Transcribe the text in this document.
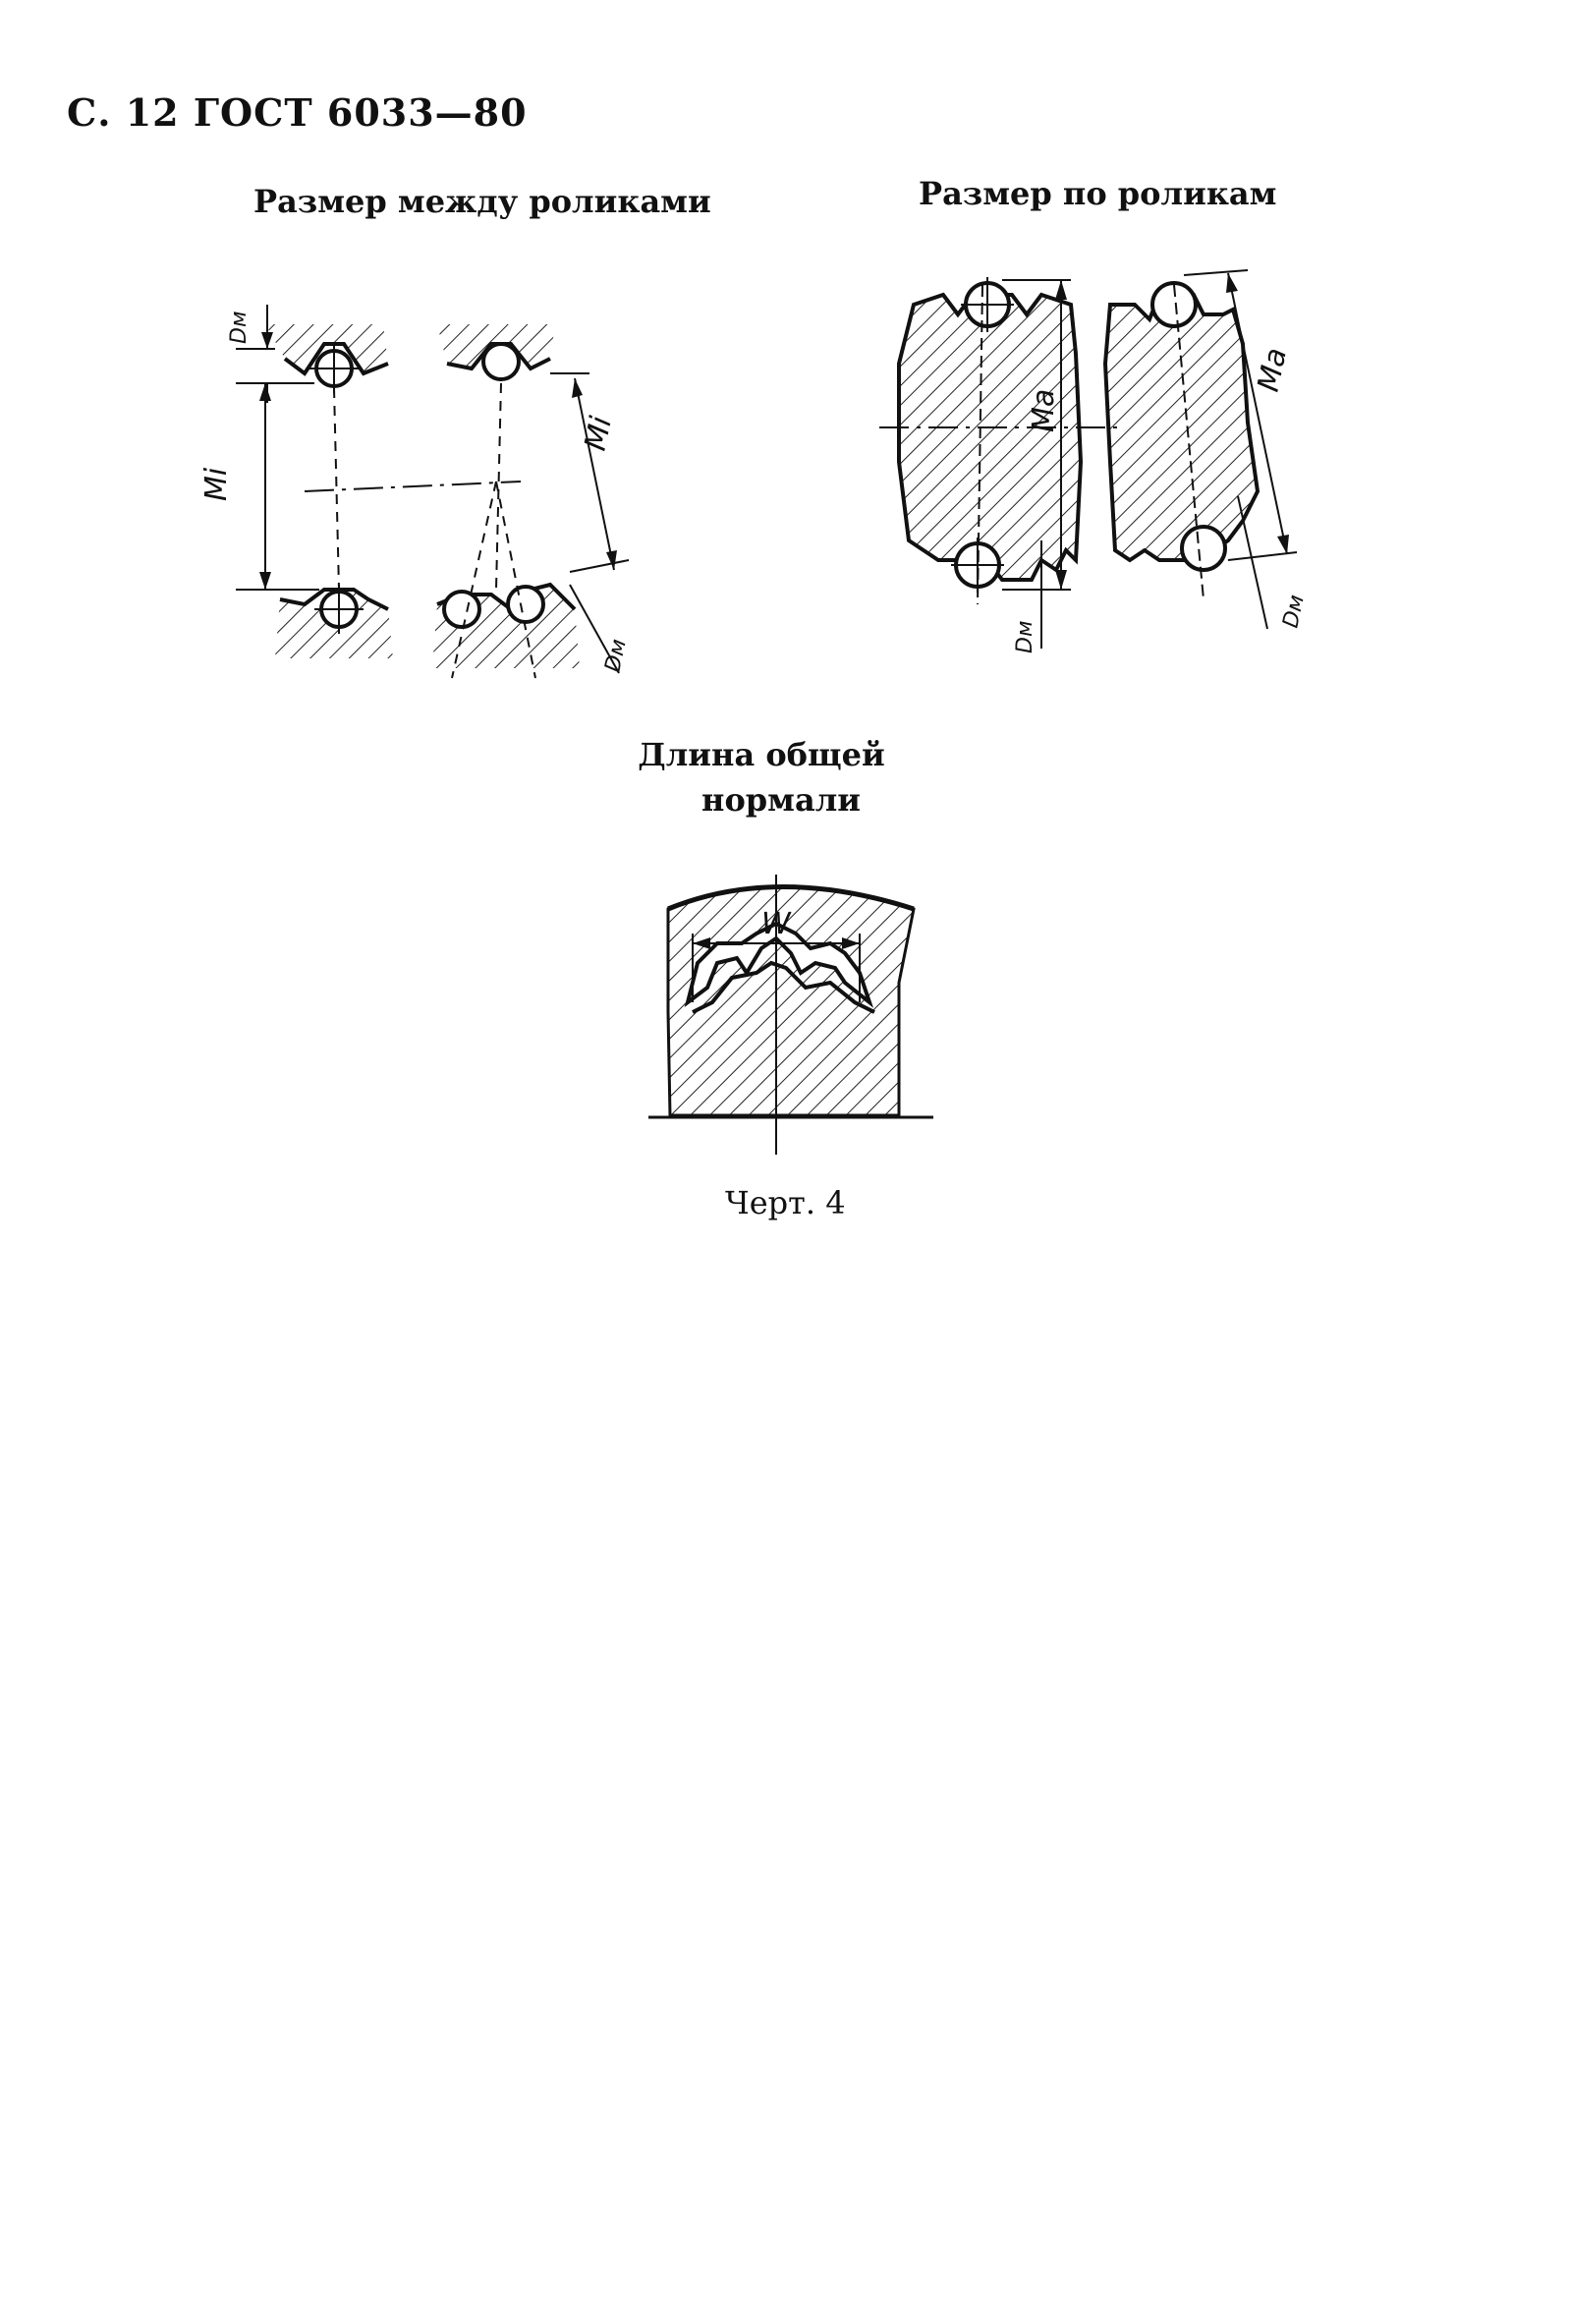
С. 12 ГОСТ 6033—80
Размер между роликами
Mi
Dм
Mi
Dм
Размер по роликам
Ma
Dм
Ma
Dм
Длина общей
нормали
W
Черт. 4
